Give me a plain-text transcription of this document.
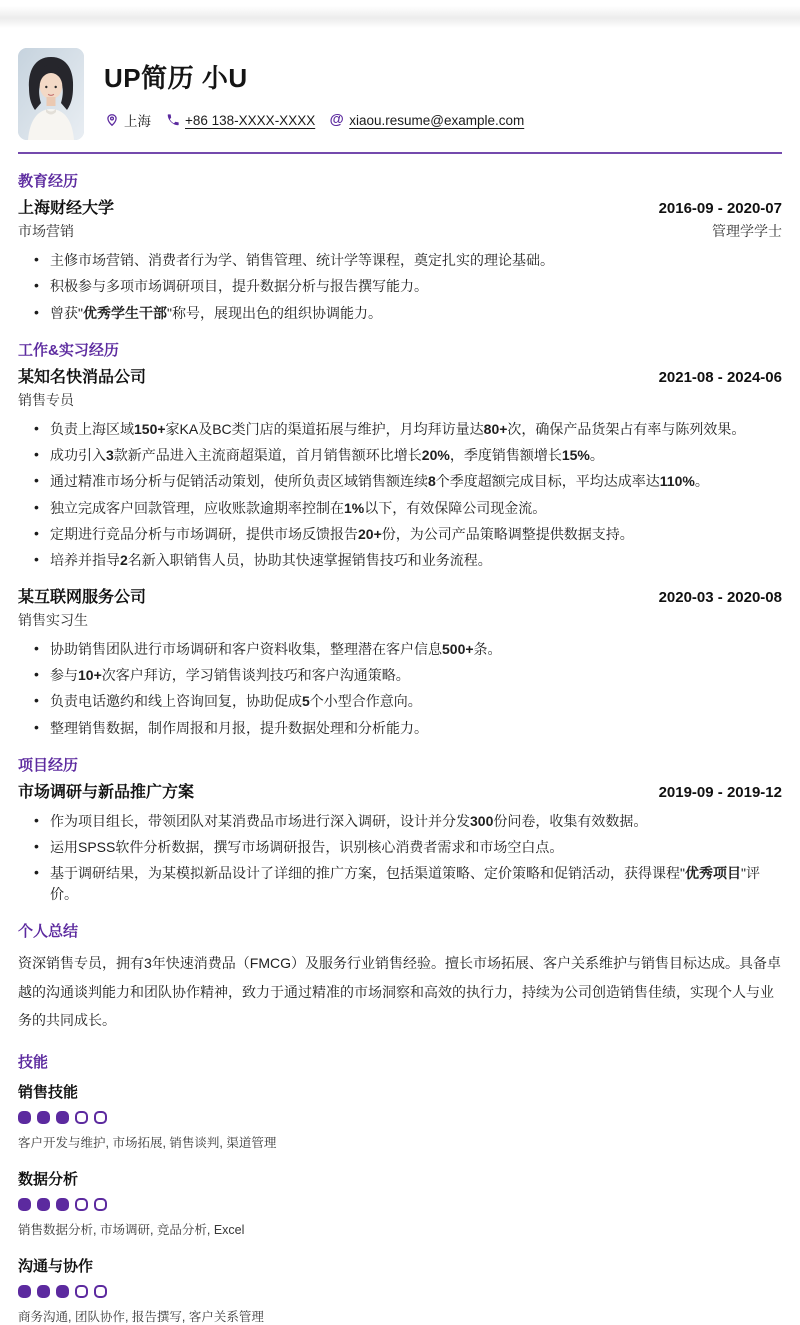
UP简历 小U
上海	+86 138-XXXX-XXXX @ xiaou.resume@example.com
教育经历
上海财经大学	2016-09 - 2020-07
市场营销	管理学学士
• 主修市场营销、消费者行为学、销售管理、统计学等课程，奠定扎实的理论基础。
• 积极参与多项市场调研项目，提升数据分析与报告撰写能力。
• 曾获"优秀学生干部"称号，展现出色的组织协调能力。
工作&实习经历
某知名快消品公司	2021-08 - 2024-06
销售专员
• 负责上海区域150+家KA及BC类门店的渠道拓展与维护，月均拜访量达80+次，确保产品货架占有率与陈列效果。
• 成功引入3款新产品进入主流商超渠道，首月销售额环比增长20%，季度销售额增长15%。
• 通过精准市场分析与促销活动策划，使所负责区域销售额连续8个季度超额完成目标，平均达成率达110%。
• 独立完成客户回款管理，应收账款逾期率控制在1%以下，有效保障公司现金流。
• 定期进行竞品分析与市场调研，提供市场反馈报告20+份，为公司产品策略调整提供数据支持。
• 培养并指导2名新入职销售人员，协助其快速掌握销售技巧和业务流程。
某互联网服务公司	2020-03 - 2020-08
销售实习生
• 协助销售团队进行市场调研和客户资料收集，整理潜在客户信息500+条。
• 参与10+次客户拜访，学习销售谈判技巧和客户沟通策略。
• 负责电话邀约和线上咨询回复，协助促成5个小型合作意向。
• 整理销售数据，制作周报和月报，提升数据处理和分析能力。
项目经历
市场调研与新品推广方案	2019-09 - 2019-12
• 作为项目组长，带领团队对某消费品市场进行深入调研，设计并分发300份问卷，收集有效数据。
• 运用SPSS软件分析数据，撰写市场调研报告，识别核心消费者需求和市场空白点。
• 基于调研结果，为某模拟新品设计了详细的推广方案，包括渠道策略、定价策略和促销活动，获得课程"优秀项目"评价。
个人总结
资深销售专员，拥有3年快速消费品（FMCG）及服务行业销售经验。擅长市场拓展、客户关系维护与销售目标达成。具备卓越的沟通谈判能力和团队协作精神，致力于通过精准的市场洞察和高效的执行力，持续为公司创造销售佳绩，实现个人与业务的共同成长。
技能
销售技能
客户开发与维护, 市场拓展, 销售谈判, 渠道管理
数据分析
销售数据分析, 市场调研, 竞品分析, Excel
沟通与协作
商务沟通, 团队协作, 报告撰写, 客户关系管理
